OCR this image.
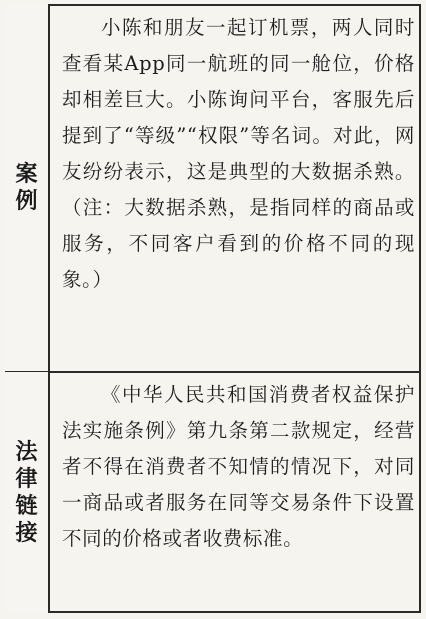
案例

小陈和朋友一起订机票，两人同时查看某App同一航班的同一舱位，价格却相差巨大。小陈询问平台，客服先后提到了“等级”“权限”等名词。对此，网友纷纷表示，这是典型的大数据杀熟。（注：大数据杀熟，是指同样的商品或服务，不同客户看到的价格不同的现象。）

法律链接

《中华人民共和国消费者权益保护法实施条例》第九条第二款规定，经营者不得在消费者不知情的情况下，对同一商品或者服务在同等交易条件下设置不同的价格或者收费标准。
